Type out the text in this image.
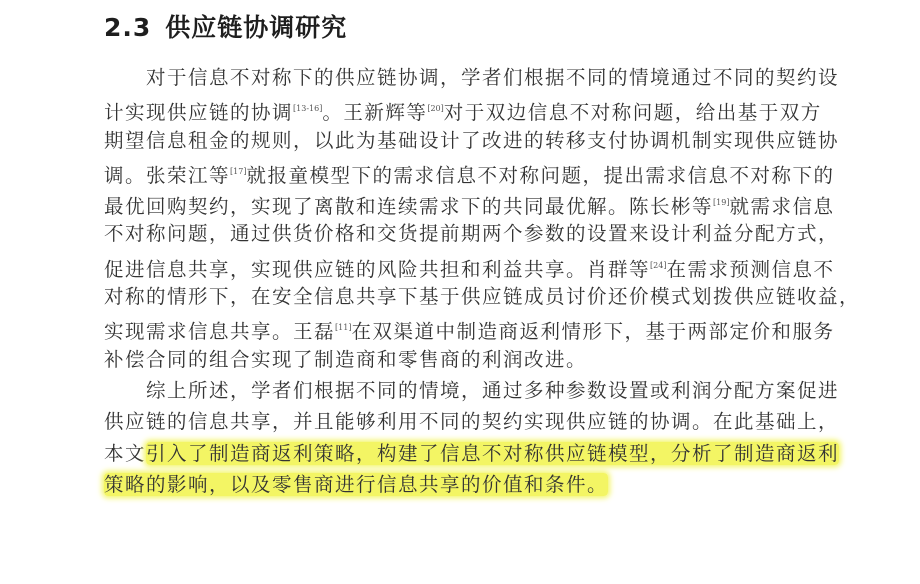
2.3 供应链协调研究
对于信息不对称下的供应链协调，学者们根据不同的情境通过不同的契约设
计实现供应链的协调[13-16]。王新辉等[20]对于双边信息不对称问题，给出基于双方
期望信息租金的规则，以此为基础设计了改进的转移支付协调机制实现供应链协
调。张荣江等[17]就报童模型下的需求信息不对称问题，提出需求信息不对称下的
最优回购契约，实现了离散和连续需求下的共同最优解。陈长彬等[19]就需求信息
不对称问题，通过供货价格和交货提前期两个参数的设置来设计利益分配方式，
促进信息共享，实现供应链的风险共担和利益共享。肖群等[24]在需求预测信息不
对称的情形下，在安全信息共享下基于供应链成员讨价还价模式划拨供应链收益，
实现需求信息共享。王磊[11]在双渠道中制造商返利情形下，基于两部定价和服务
补偿合同的组合实现了制造商和零售商的利润改进。
综上所述，学者们根据不同的情境，通过多种参数设置或利润分配方案促进
供应链的信息共享，并且能够利用不同的契约实现供应链的协调。在此基础上，
本文引入了制造商返利策略，构建了信息不对称供应链模型，分析了制造商返利
策略的影响，以及零售商进行信息共享的价值和条件。
